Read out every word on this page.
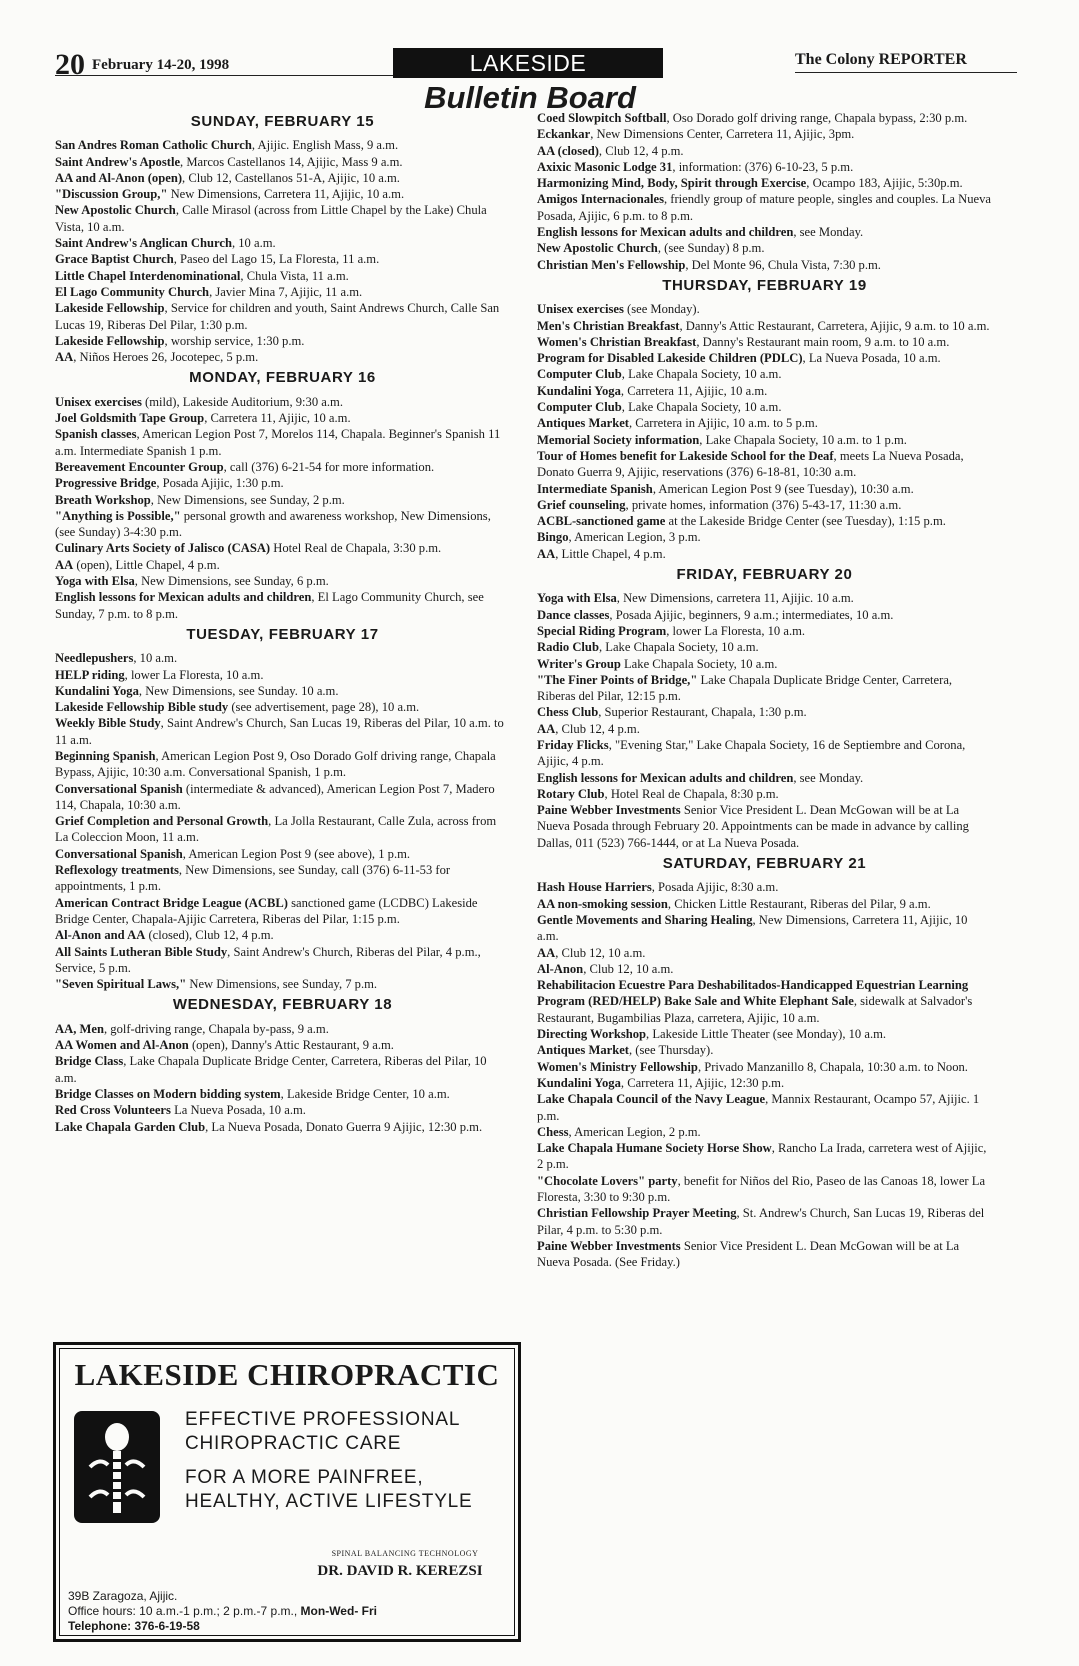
20 February 14-20, 1998	LAKESIDE	The Colony REPORTER
Bulletin Board
SUNDAY, FEBRUARY 15

San Andres Roman Catholic Church, Ajijic. English Mass, 9 a.m.

Saint Andrew's Apostle, Marcos Castellanos 14, Ajijic, Mass 9 a.m.

AA and Al-Anon (open), Club 12, Castellanos 51-A, Ajijic, 10 a.m.

"Discussion Group," New Dimensions, Carretera 11, Ajijic, 10 a.m.

New Apostolic Church, Calle Mirasol (across from Little Chapel by the Lake) Chula Vista, 10 a.m.

Saint Andrew's Anglican Church, 10 a.m.

Grace Baptist Church, Paseo del Lago 15, La Floresta, 11 a.m.

Little Chapel Interdenominational, Chula Vista, 11 a.m.

El Lago Community Church, Javier Mina 7, Ajijic, 11 a.m.

Lakeside Fellowship, Service for children and youth, Saint Andrews Church, Calle San Lucas 19, Riberas Del Pilar, 1:30 p.m.

Lakeside Fellowship, worship service, 1:30 p.m.

AA, Niños Heroes 26, Jocotepec, 5 p.m.

MONDAY, FEBRUARY 16

Unisex exercises (mild), Lakeside Auditorium, 9:30 a.m.

Joel Goldsmith Tape Group, Carretera 11, Ajijic, 10 a.m.

Spanish classes, American Legion Post 7, Morelos 114, Chapala. Beginner's Spanish 11 a.m. Intermediate Spanish 1 p.m.

Bereavement Encounter Group, call (376) 6-21-54 for more information.

Progressive Bridge, Posada Ajijic, 1:30 p.m.

Breath Workshop, New Dimensions, see Sunday, 2 p.m.

"Anything is Possible," personal growth and awareness workshop, New Dimensions, (see Sunday) 3-4:30 p.m.

Culinary Arts Society of Jalisco (CASA) Hotel Real de Chapala, 3:30 p.m.

AA (open), Little Chapel, 4 p.m.

Yoga with Elsa, New Dimensions, see Sunday, 6 p.m.

English lessons for Mexican adults and children, El Lago Community Church, see Sunday, 7 p.m. to 8 p.m.

TUESDAY, FEBRUARY 17

Needlepushers, 10 a.m.

HELP riding, lower La Floresta, 10 a.m.

Kundalini Yoga, New Dimensions, see Sunday. 10 a.m.

Lakeside Fellowship Bible study (see advertisement, page 28), 10 a.m.

Weekly Bible Study, Saint Andrew's Church, San Lucas 19, Riberas del Pilar, 10 a.m. to 11 a.m.

Beginning Spanish, American Legion Post 9, Oso Dorado Golf driving range, Chapala Bypass, Ajijic, 10:30 a.m. Conversational Spanish, 1 p.m.

Conversational Spanish (intermediate & advanced), American Legion Post 7, Madero 114, Chapala, 10:30 a.m.

Grief Completion and Personal Growth, La Jolla Restaurant, Calle Zula, across from La Coleccion Moon, 11 a.m.

Conversational Spanish, American Legion Post 9 (see above), 1 p.m.

Reflexology treatments, New Dimensions, see Sunday, call (376) 6-11-53 for appointments, 1 p.m.

American Contract Bridge League (ACBL) sanctioned game (LCDBC) Lakeside Bridge Center, Chapala-Ajijic Carretera, Riberas del Pilar, 1:15 p.m.

Al-Anon and AA (closed), Club 12, 4 p.m.

All Saints Lutheran Bible Study, Saint Andrew's Church, Riberas del Pilar, 4 p.m., Service, 5 p.m.

"Seven Spiritual Laws," New Dimensions, see Sunday, 7 p.m.

WEDNESDAY, FEBRUARY 18

AA, Men, golf-driving range, Chapala by-pass, 9 a.m.

AA Women and Al-Anon (open), Danny's Attic Restaurant, 9 a.m.

Bridge Class, Lake Chapala Duplicate Bridge Center, Carretera, Riberas del Pilar, 10 a.m.

Bridge Classes on Modern bidding system, Lakeside Bridge Center, 10 a.m.

Red Cross Volunteers La Nueva Posada, 10 a.m.

Lake Chapala Garden Club, La Nueva Posada, Donato Guerra 9 Ajijic, 12:30 p.m.

Coed Slowpitch Softball, Oso Dorado golf driving range, Chapala bypass, 2:30 p.m.

Eckankar, New Dimensions Center, Carretera 11, Ajijic, 3pm.

AA (closed), Club 12, 4 p.m.

Axixic Masonic Lodge 31, information: (376) 6-10-23, 5 p.m.

Harmonizing Mind, Body, Spirit through Exercise, Ocampo 183, Ajijic, 5:30p.m.

Amigos Internacionales, friendly group of mature people, singles and couples. La Nueva Posada, Ajijic, 6 p.m. to 8 p.m.

English lessons for Mexican adults and children, see Monday.

New Apostolic Church, (see Sunday) 8 p.m.

Christian Men's Fellowship, Del Monte 96, Chula Vista, 7:30 p.m.

THURSDAY, FEBRUARY 19

Unisex exercises (see Monday).

Men's Christian Breakfast, Danny's Attic Restaurant, Carretera, Ajijic, 9 a.m. to 10 a.m.

Women's Christian Breakfast, Danny's Restaurant main room, 9 a.m. to 10 a.m.

Program for Disabled Lakeside Children (PDLC), La Nueva Posada, 10 a.m.

Computer Club, Lake Chapala Society, 10 a.m.

Kundalini Yoga, Carretera 11, Ajijic, 10 a.m.

Computer Club, Lake Chapala Society, 10 a.m.

Antiques Market, Carretera in Ajijic, 10 a.m. to 5 p.m.

Memorial Society information, Lake Chapala Society, 10 a.m. to 1 p.m.

Tour of Homes benefit for Lakeside School for the Deaf, meets La Nueva Posada, Donato Guerra 9, Ajijic, reservations (376) 6-18-81, 10:30 a.m.

Intermediate Spanish, American Legion Post 9 (see Tuesday), 10:30 a.m.

Grief counseling, private homes, information (376) 5-43-17, 11:30 a.m.

ACBL-sanctioned game at the Lakeside Bridge Center (see Tuesday), 1:15 p.m.

Bingo, American Legion, 3 p.m.

AA, Little Chapel, 4 p.m.

FRIDAY, FEBRUARY 20

Yoga with Elsa, New Dimensions, carretera 11, Ajijic. 10 a.m.

Dance classes, Posada Ajijic, beginners, 9 a.m.; intermediates, 10 a.m.

Special Riding Program, lower La Floresta, 10 a.m.

Radio Club, Lake Chapala Society, 10 a.m.

Writer's Group Lake Chapala Society, 10 a.m.

"The Finer Points of Bridge," Lake Chapala Duplicate Bridge Center, Carretera, Riberas del Pilar, 12:15 p.m.

Chess Club, Superior Restaurant, Chapala, 1:30 p.m.

AA, Club 12, 4 p.m.

Friday Flicks, "Evening Star," Lake Chapala Society, 16 de Septiembre and Corona, Ajijic, 4 p.m.

English lessons for Mexican adults and children, see Monday.

Rotary Club, Hotel Real de Chapala, 8:30 p.m.

Paine Webber Investments Senior Vice President L. Dean McGowan will be at La Nueva Posada through February 20. Appointments can be made in advance by calling Dallas, 011 (523) 766-1444, or at La Nueva Posada.

SATURDAY, FEBRUARY 21

Hash House Harriers, Posada Ajijic, 8:30 a.m.

AA non-smoking session, Chicken Little Restaurant, Riberas del Pilar, 9 a.m.

Gentle Movements and Sharing Healing, New Dimensions, Carretera 11, Ajijic, 10 a.m.

AA, Club 12, 10 a.m.

Al-Anon, Club 12, 10 a.m.

Rehabilitacion Ecuestre Para Deshabilitados-Handicapped Equestrian Learning Program (RED/HELP) Bake Sale and White Elephant Sale, sidewalk at Salvador's Restaurant, Bugambilias Plaza, carretera, Ajijic, 10 a.m.

Directing Workshop, Lakeside Little Theater (see Monday), 10 a.m.

Antiques Market, (see Thursday).

Women's Ministry Fellowship, Privado Manzanillo 8, Chapala, 10:30 a.m. to Noon.

Kundalini Yoga, Carretera 11, Ajijic, 12:30 p.m.

Lake Chapala Council of the Navy League, Mannix Restaurant, Ocampo 57, Ajijic. 1 p.m.

Chess, American Legion, 2 p.m.

Lake Chapala Humane Society Horse Show, Rancho La Irada, carretera west of Ajijic, 2 p.m.

"Chocolate Lovers" party, benefit for Niños del Rio, Paseo de las Canoas 18, lower La Floresta, 3:30 to 9:30 p.m.

Christian Fellowship Prayer Meeting, St. Andrew's Church, San Lucas 19, Riberas del Pilar, 4 p.m. to 5:30 p.m.

Paine Webber Investments Senior Vice President L. Dean McGowan will be at La Nueva Posada. (See Friday.)

LAKESIDE CHIROPRACTIC
EFFECTIVE PROFESSIONAL
CHIROPRACTIC CARE
FOR A MORE PAINFREE,
HEALTHY, ACTIVE LIFESTYLE
SPINAL BALANCING TECHNOLOGY
DR. DAVID R. KEREZSI
39B Zaragoza, Ajijic.
Office hours: 10 a.m.-1 p.m.; 2 p.m.-7 p.m., Mon-Wed- Fri
Telephone: 376-6-19-58
